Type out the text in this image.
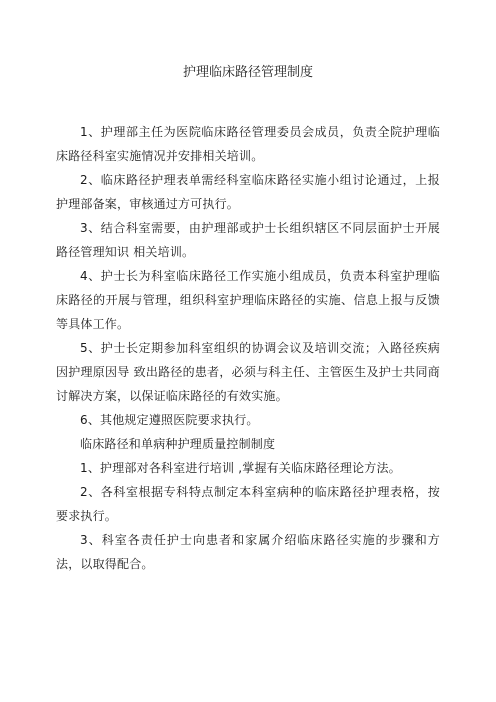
护理临床路径管理制度

1、护理部主任为医院临床路径管理委员会成员，负责全院护理临床路径科室实施情况并安排相关培训。

2、临床路径护理表单需经科室临床路径实施小组讨论通过，上报护理部备案，审核通过方可执行。

3、结合科室需要，由护理部或护士长组织辖区不同层面护士开展路径管理知识 相关培训。

4、护士长为科室临床路径工作实施小组成员，负责本科室护理临床路径的开展与管理，组织科室护理临床路径的实施、信息上报与反馈等具体工作。

5、护士长定期参加科室组织的协调会议及培训交流；入路径疾病因护理原因导 致出路径的患者，必须与科主任、主管医生及护士共同商讨解决方案，以保证临床路径的有效实施。

6、其他规定遵照医院要求执行。

临床路径和单病种护理质量控制制度

1、护理部对各科室进行培训 ,掌握有关临床路径理论方法。

2、各科室根据专科特点制定本科室病种的临床路径护理表格，按要求执行。

3、科室各责任护士向患者和家属介绍临床路径实施的步骤和方法，以取得配合。
